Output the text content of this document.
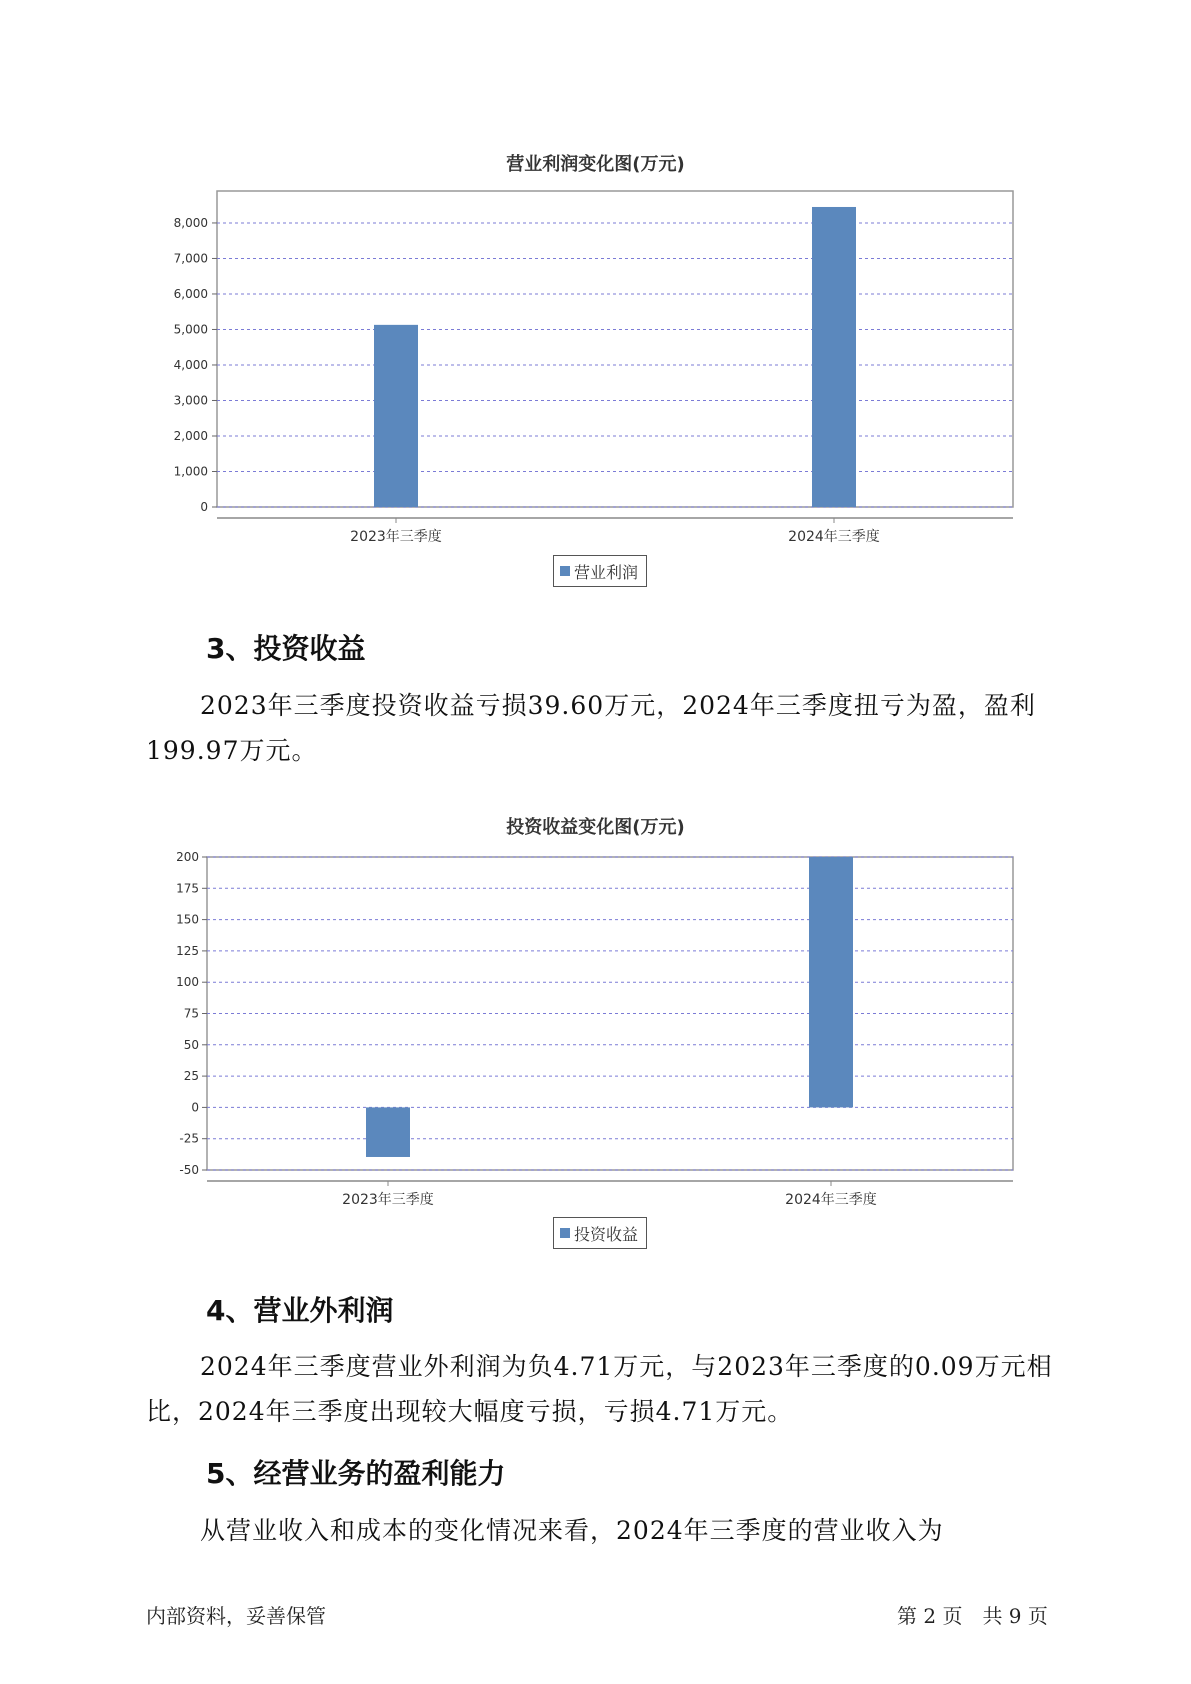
营业利润变化图(万元)
0
1,000
2,000
3,000
4,000
5,000
6,000
7,000
8,000
2023年三季度	2024年三季度
营业利润
3、投资收益
2023年三季度投资收益亏损39.60万元，2024年三季度扭亏为盈，盈利199.97万元。
投资收益变化图(万元)
-50
-25
0
25
50
75
100
125
150
175
200
2023年三季度	2024年三季度
投资收益
4、营业外利润
2024年三季度营业外利润为负4.71万元，与2023年三季度的0.09万元相比，2024年三季度出现较大幅度亏损，亏损4.71万元。
5、经营业务的盈利能力
从营业收入和成本的变化情况来看，2024年三季度的营业收入为
内部资料，妥善保管	第 2 页　共 9 页
